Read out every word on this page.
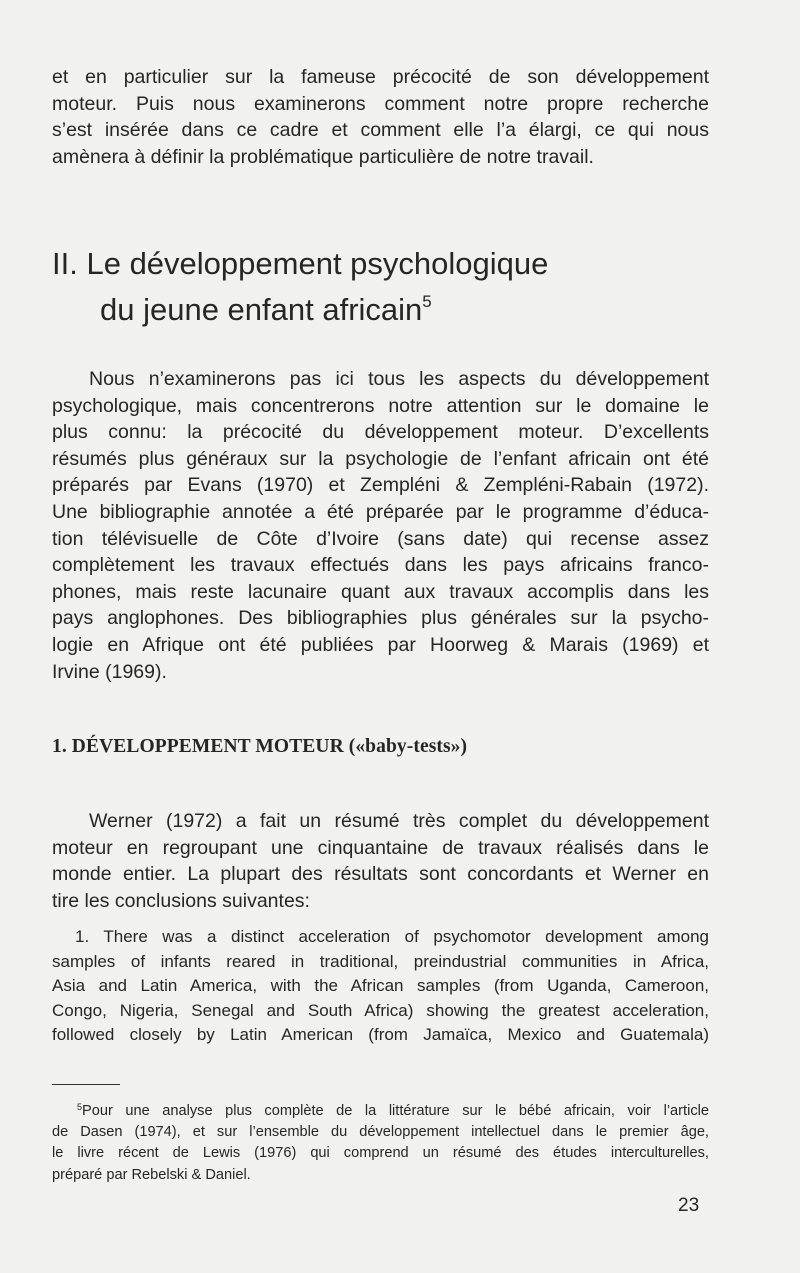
et en particulier sur la fameuse précocité de son développement
moteur. Puis nous examinerons comment notre propre recherche
s’est insérée dans ce cadre et comment elle l’a élargi, ce qui nous
amènera à définir la problématique particulière de notre travail.

II. Le développement psychologique
du jeune enfant africain$^5$

Nous n’examinerons pas ici tous les aspects du développement
psychologique, mais concentrerons notre attention sur le domaine le
plus connu: la précocité du développement moteur. D’excellents
résumés plus généraux sur la psychologie de l’enfant africain ont été
préparés par Evans (1970) et Zempléni & Zempléni-Rabain (1972).
Une bibliographie annotée a été préparée par le programme d’éduca-
tion télévisuelle de Côte d’Ivoire (sans date) qui recense assez
complètement les travaux effectués dans les pays africains franco-
phones, mais reste lacunaire quant aux travaux accomplis dans les
pays anglophones. Des bibliographies plus générales sur la psycho-
logie en Afrique ont été publiées par Hoorweg & Marais (1969) et
Irvine (1969).

1. DÉVELOPPEMENT MOTEUR («baby-tests»)

Werner (1972) a fait un résumé très complet du développement
moteur en regroupant une cinquantaine de travaux réalisés dans le
monde entier. La plupart des résultats sont concordants et Werner en
tire les conclusions suivantes:

1. There was a distinct acceleration of psychomotor development among
samples of infants reared in traditional, preindustrial communities in Africa,
Asia and Latin America, with the African samples (from Uganda, Cameroon,
Congo, Nigeria, Senegal and South Africa) showing the greatest acceleration,
followed closely by Latin American (from Jamaïca, Mexico and Guatemala)

$^5$Pour une analyse plus complète de la littérature sur le bébé africain, voir l’article
de Dasen (1974), et sur l’ensemble du développement intellectuel dans le premier âge,
le livre récent de Lewis (1976) qui comprend un résumé des études interculturelles,
préparé par Rebelski & Daniel.

23
